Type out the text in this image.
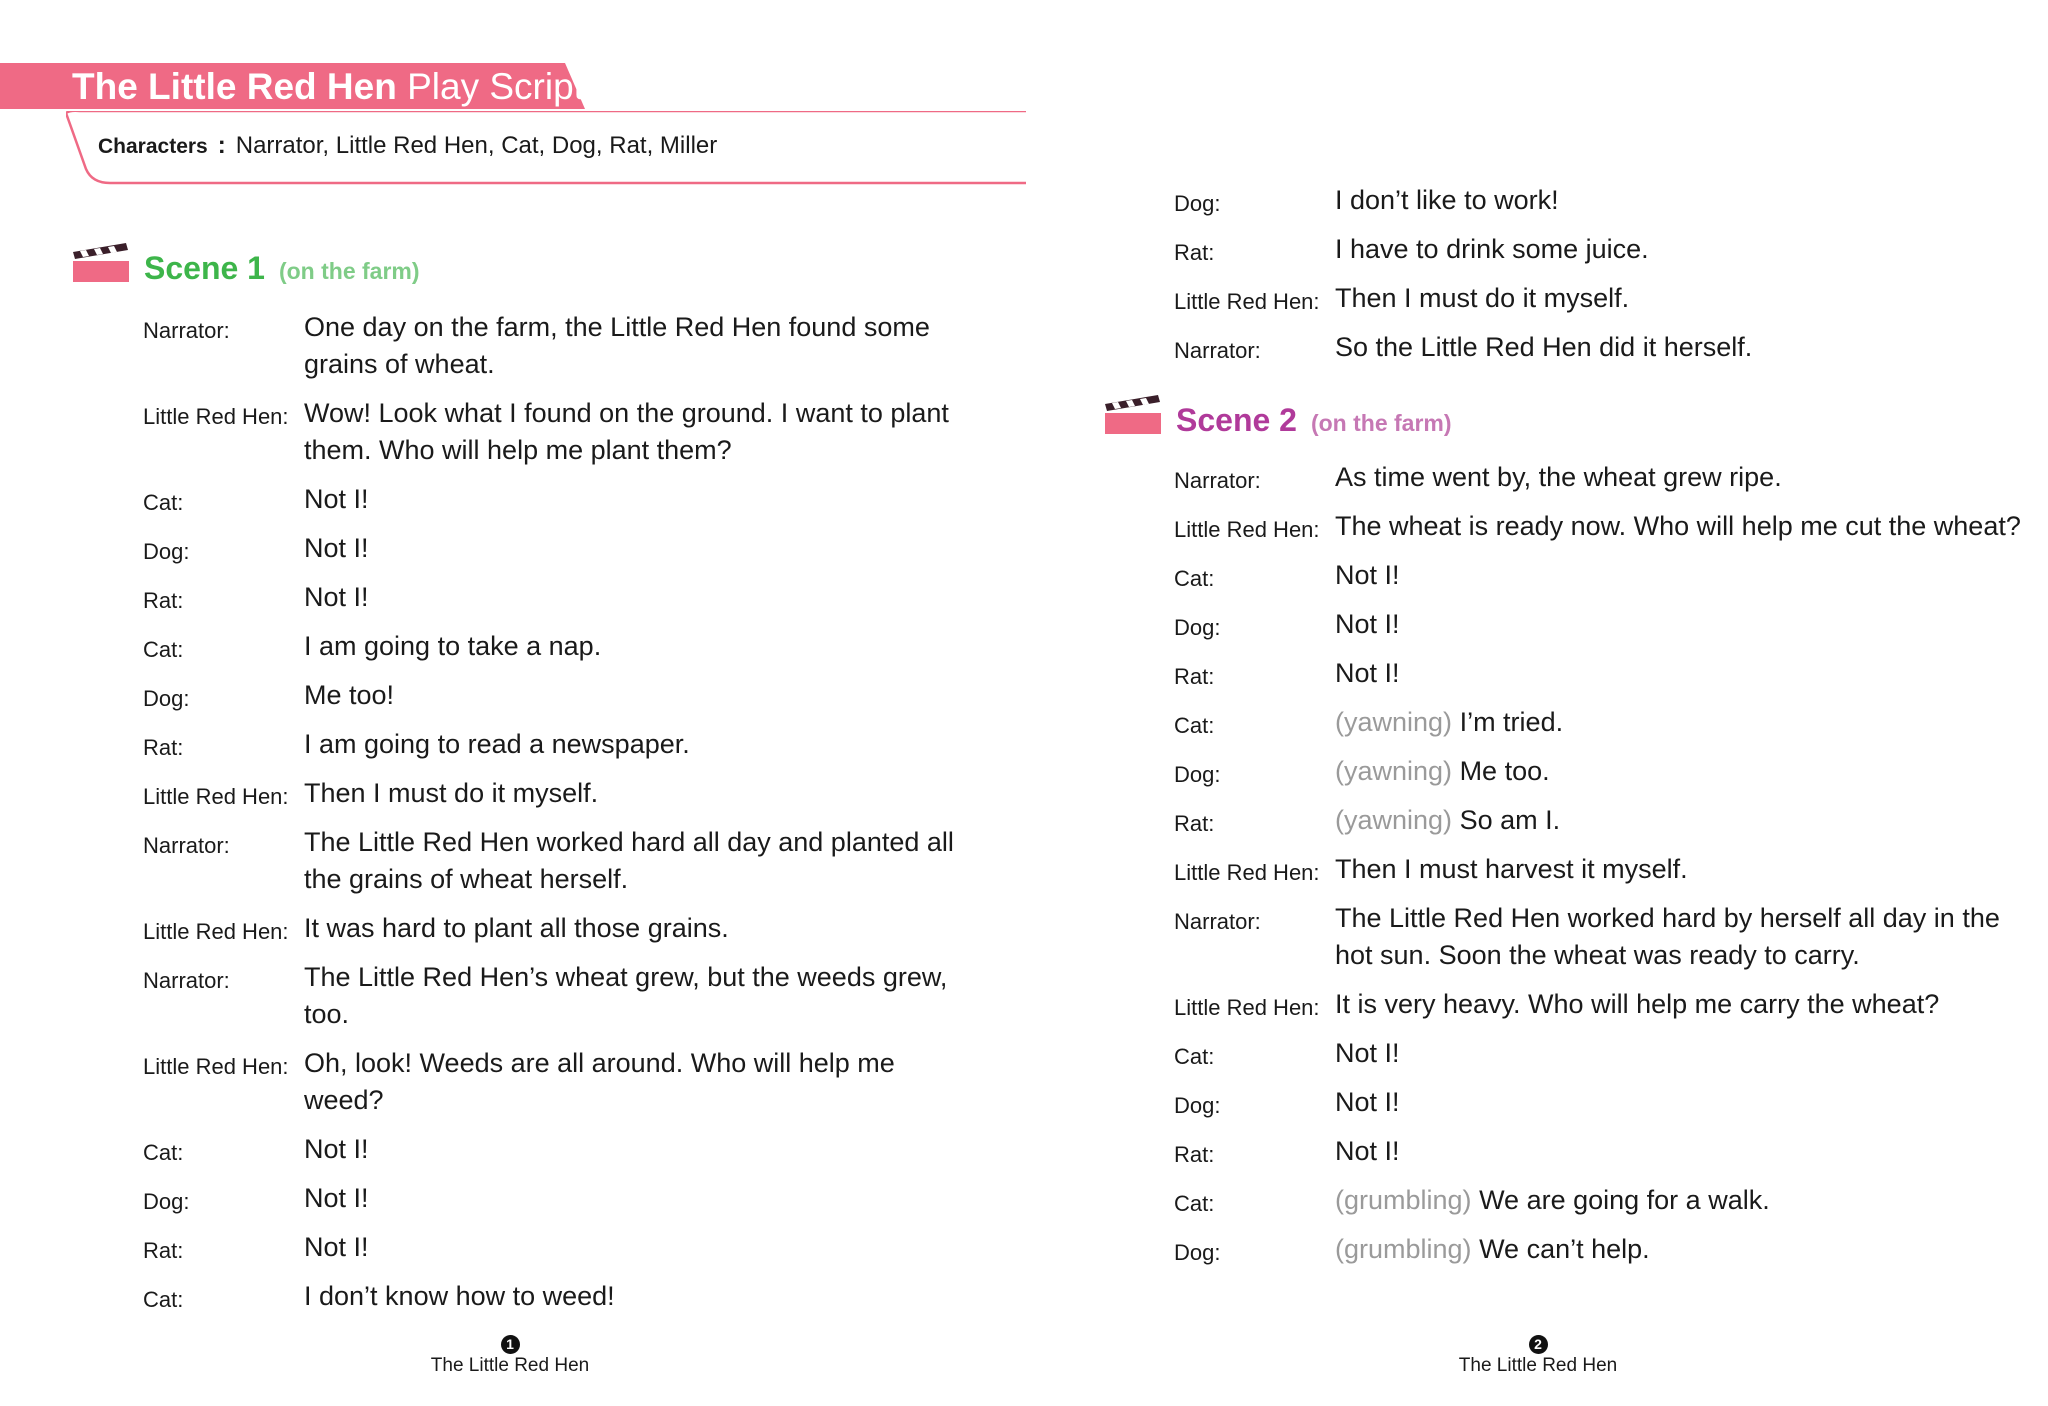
The Little Red Hen Play Script
Characters : Narrator, Little Red Hen, Cat, Dog, Rat, Miller
Scene 1 (on the farm)
Narrator:	One day on the farm, the Little Red Hen found some grains of wheat.
Little Red Hen: Wow! Look what I found on the ground. I want to plant them. Who will help me plant them?
Cat:	Not I!
Dog:	Not I!
Rat:	Not I!
Cat:	I am going to take a nap.
Dog:	Me too!
Rat:	I am going to read a newspaper.
Little Red Hen: Then I must do it myself.
Narrator:	The Little Red Hen worked hard all day and planted all the grains of wheat herself.
Little Red Hen: It was hard to plant all those grains.
Narrator:	The Little Red Hen’s wheat grew, but the weeds grew, too.
Little Red Hen: Oh, look! Weeds are all around. Who will help me weed?
Cat:	Not I!
Dog:	Not I!
Rat:	Not I!
Cat:	I don’t know how to weed!
1
The Little Red Hen
Dog:	I don’t like to work!
Rat:	I have to drink some juice.
Little Red Hen: Then I must do it myself.
Narrator:	So the Little Red Hen did it herself.
Scene 2 (on the farm)
Narrator:	As time went by, the wheat grew ripe.
Little Red Hen: The wheat is ready now. Who will help me cut the wheat?
Cat:	Not I!
Dog:	Not I!
Rat:	Not I!
Cat:	(yawning) I’m tried.
Dog:	(yawning) Me too.
Rat:	(yawning) So am I.
Little Red Hen: Then I must harvest it myself.
Narrator:	The Little Red Hen worked hard by herself all day in the hot sun. Soon the wheat was ready to carry.
Little Red Hen: It is very heavy. Who will help me carry the wheat?
Cat:	Not I!
Dog:	Not I!
Rat:	Not I!
Cat:	(grumbling) We are going for a walk.
Dog:	(grumbling) We can’t help.
2
The Little Red Hen
